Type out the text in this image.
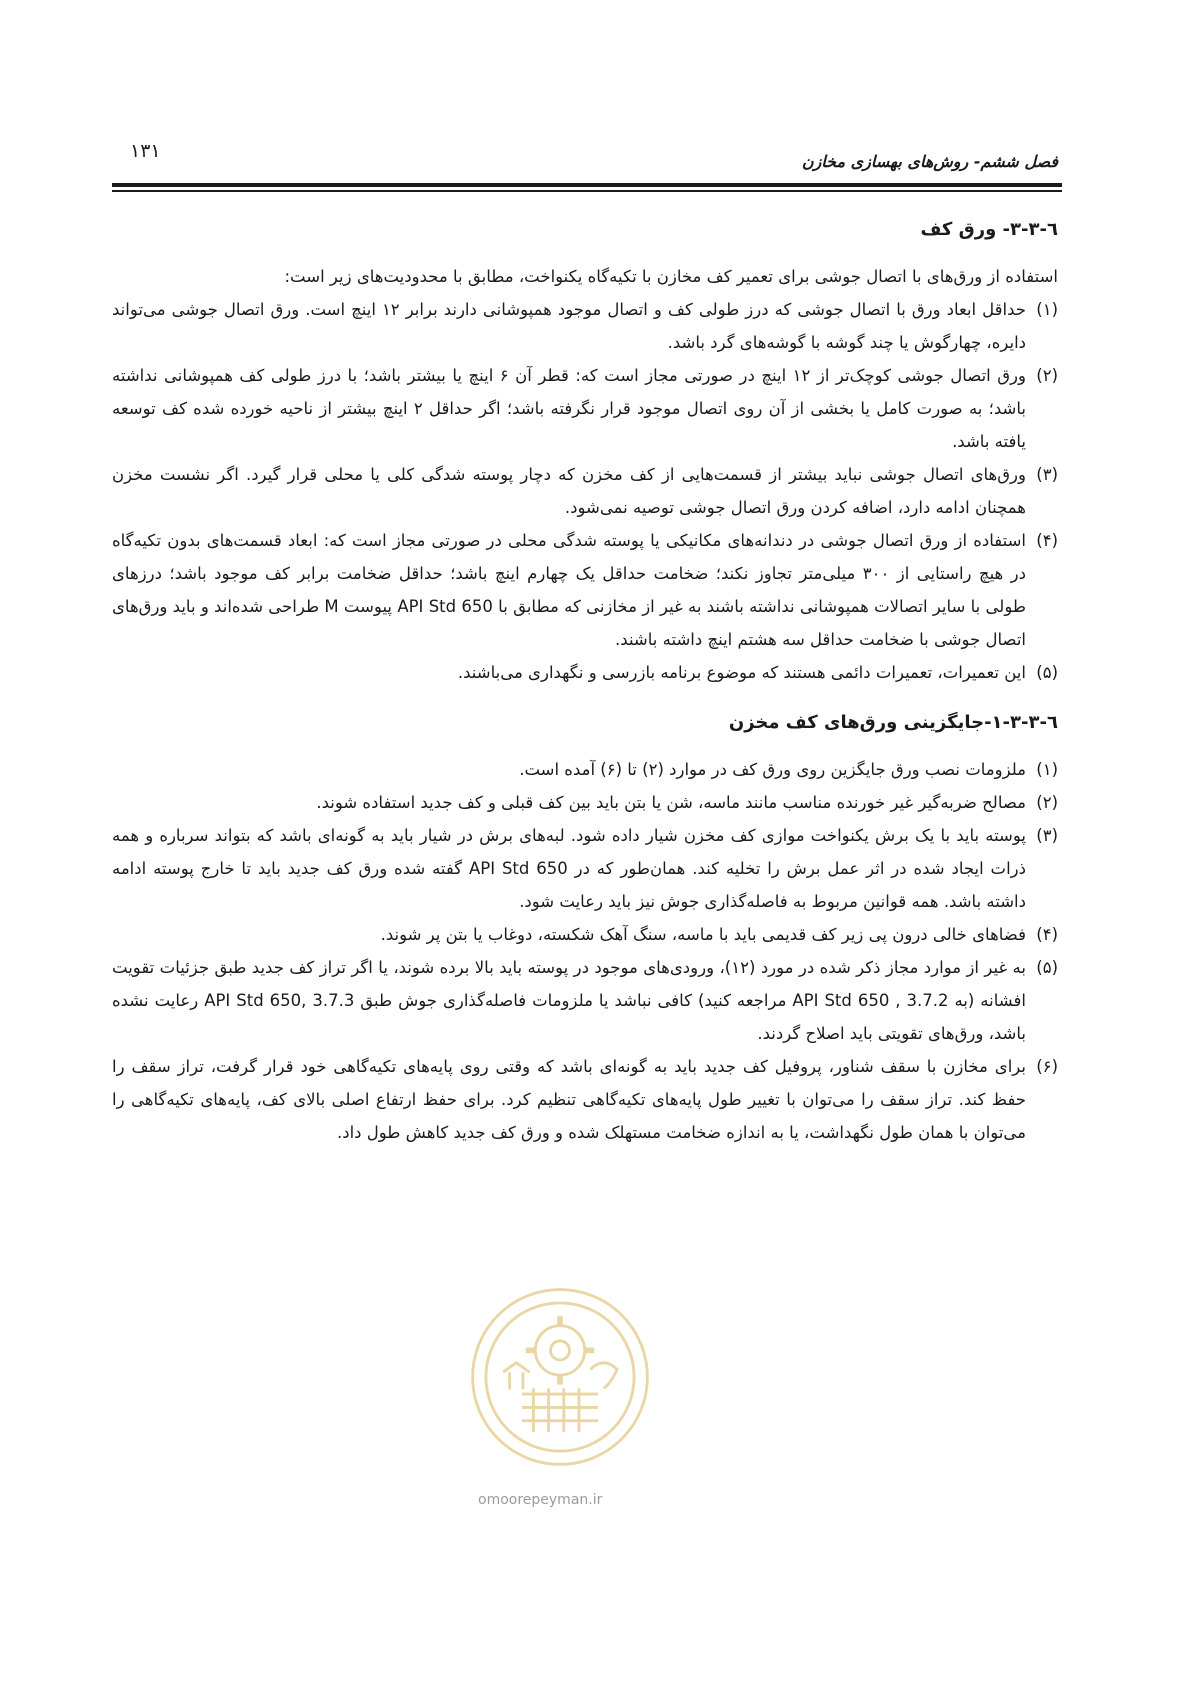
۱۳۱	فصل ششم- روش‌های بهسازی مخازن
٦-٣-٣- ورق کف

استفاده از ورق‌های با اتصال جوشی برای تعمیر کف مخازن با تکیه‌گاه یکنواخت، مطابق با محدودیت‌های زیر است:

(۱)
حداقل ابعاد ورق با اتصال جوشی که درز طولی کف و اتصال موجود همپوشانی دارند برابر ۱۲ اینچ است. ورق اتصال جوشی می‌تواند دایره، چهارگوش یا چند گوشه با گوشه‌های گرد باشد.
(۲)
ورق اتصال جوشی کوچک‌تر از ۱۲ اینچ در صورتی مجاز است که: قطر آن ۶ اینچ یا بیشتر باشد؛ با درز طولی کف همپوشانی نداشته باشد؛ به صورت کامل یا بخشی از آن روی اتصال موجود قرار نگرفته باشد؛ اگر حداقل ۲ اینچ بیشتر از ناحیه خورده شده کف توسعه یافته باشد.
(۳)
ورق‌های اتصال جوشی نباید بیشتر از قسمت‌هایی از کف مخزن که دچار پوسته شدگی کلی یا محلی قرار گیرد. اگر نشست مخزن همچنان ادامه دارد، اضافه کردن ورق اتصال جوشی توصیه نمی‌شود.
(۴)
استفاده از ورق اتصال جوشی در دندانه‌های مکانیکی یا پوسته شدگی محلی در صورتی مجاز است که: ابعاد قسمت‌های بدون تکیه‌گاه در هیچ راستایی از ۳۰۰ میلی‌متر تجاوز نکند؛ ضخامت حداقل یک چهارم اینچ باشد؛ حداقل ضخامت برابر کف موجود باشد؛ درزهای طولی با سایر اتصالات همپوشانی نداشته باشند به غیر از مخازنی که مطابق با API Std 650 پیوست M طراحی شده‌اند و باید ورق‌های اتصال جوشی با ضخامت حداقل سه هشتم اینچ داشته باشند.
(۵)
این تعمیرات، تعمیرات دائمی هستند که موضوع برنامه بازرسی و نگهداری می‌باشند.
٦-٣-٣-١-جایگزینی ورق‌های کف مخزن
(۱)
ملزومات نصب ورق جایگزین روی ورق کف در موارد (۲) تا (۶) آمده است.
(۲)
مصالح ضربه‌گیر غیر خورنده مناسب مانند ماسه، شن یا بتن باید بین کف قبلی و کف جدید استفاده شوند.
(۳)
پوسته باید با یک برش یکنواخت موازی کف مخزن شیار داده شود. لبه‌های برش در شیار باید به گونه‌ای باشد که بتواند سرباره و همه ذرات ایجاد شده در اثر عمل برش را تخلیه کند. همان‌طور که در API Std 650 گفته شده ورق کف جدید باید تا خارج پوسته ادامه داشته باشد. همه قوانین مربوط به فاصله‌گذاری جوش نیز باید رعایت شود.
(۴)
فضاهای خالی درون پی زیر کف قدیمی باید با ماسه، سنگ آهک شکسته، دوغاب یا بتن پر شوند.
(۵)
به غیر از موارد مجاز ذکر شده در مورد (۱۲)، ورودی‌های موجود در پوسته باید بالا برده شوند، یا اگر تراز کف جدید طبق جزئیات تقویت افشانه (به API Std 650 , 3.7.2 مراجعه کنید) کافی نباشد یا ملزومات فاصله‌گذاری جوش طبق API Std 650, 3.7.3 رعایت نشده باشد، ورق‌های تقویتی باید اصلاح گردند.
(۶)
برای مخازن با سقف شناور، پروفیل کف جدید باید به گونه‌ای باشد که وقتی روی پایه‌های تکیه‌گاهی خود قرار گرفت، تراز سقف را حفظ کند. تراز سقف را می‌توان با تغییر طول پایه‌های تکیه‌گاهی تنظیم کرد. برای حفظ ارتفاع اصلی بالای کف، پایه‌های تکیه‌گاهی را می‌توان با همان طول نگهداشت، یا به اندازه ضخامت مستهلک شده و ورق کف جدید کاهش طول داد.
omoorepeyman.ir
